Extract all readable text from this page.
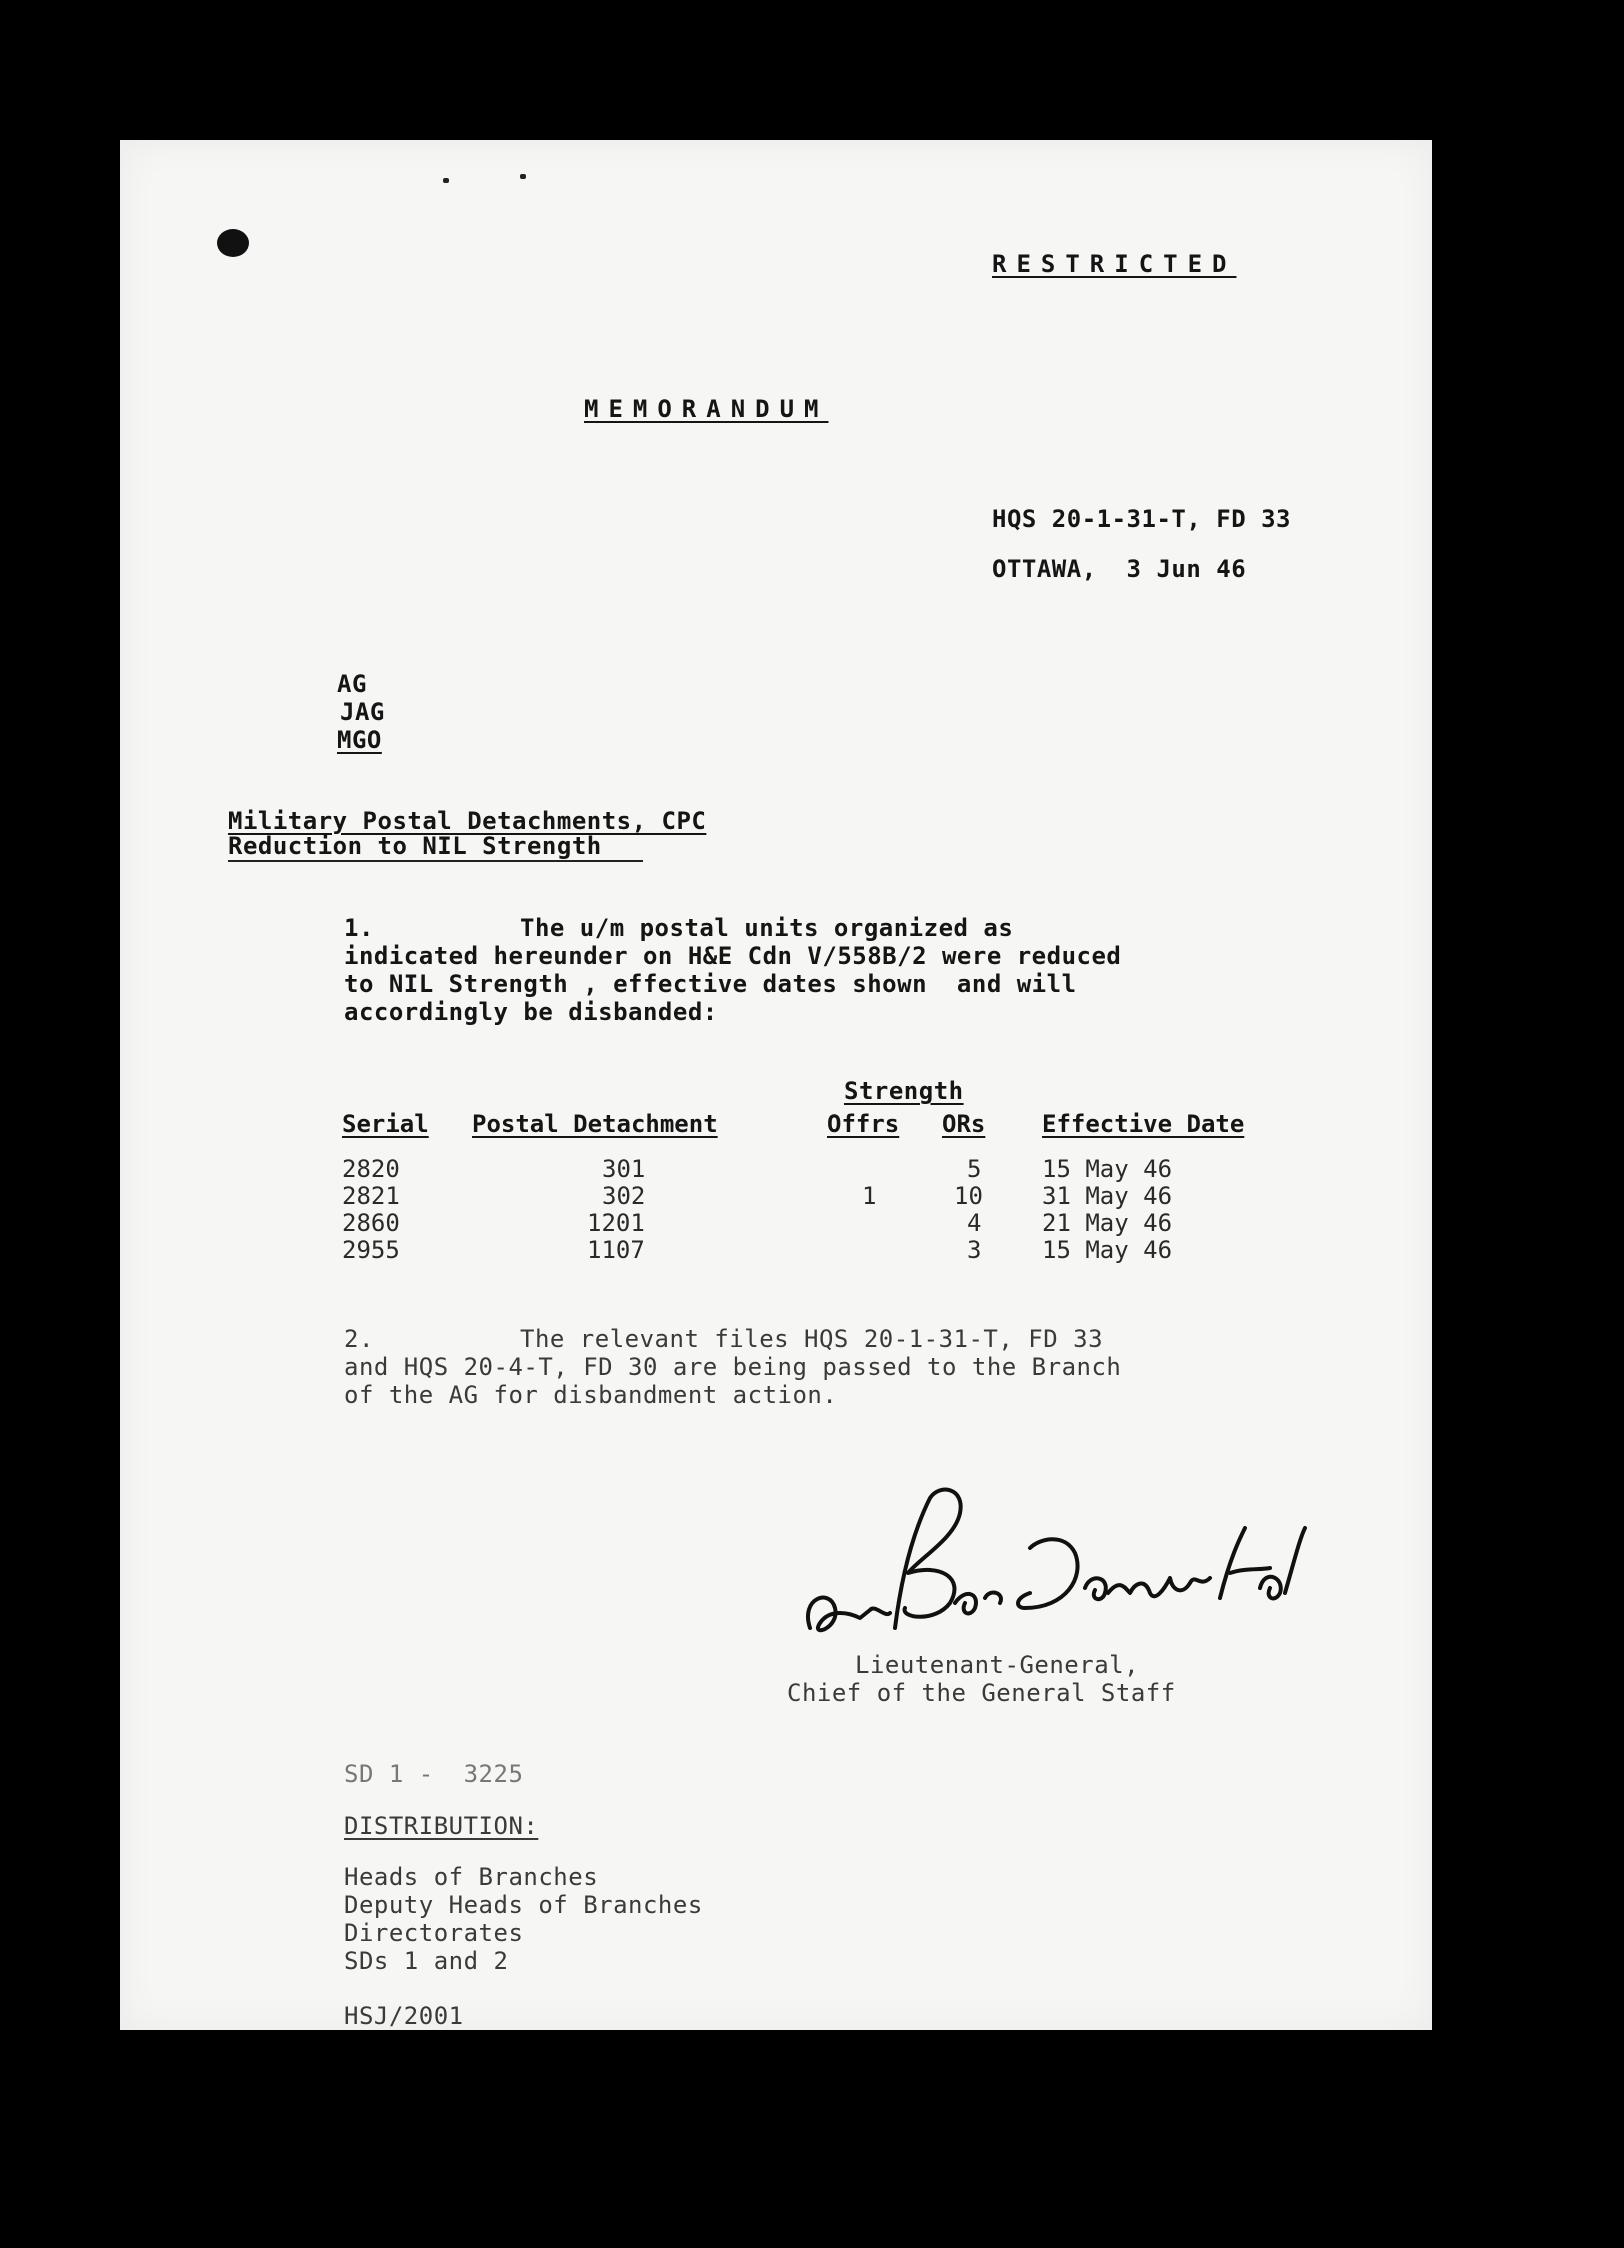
RESTRICTED
MEMORANDUM
HQS 20-1-31-T, FD 33
OTTAWA,  3 Jun 46
AG
JAG
MGO
Military Postal Detachments, CPC
Reduction to NIL Strength
1.	The u/m postal units organized as
indicated hereunder on H&E Cdn V/558B/2 were reduced
to NIL Strength , effective dates shown  and will
accordingly be disbanded:
Strength
Serial	Postal Detachment	Offrs	ORs	Effective Date

2820	301		5	15 May 46
2821	302	1	10	31 May 46
2860	1201		4	21 May 46
2955	1107		3	15 May 46
2.	The relevant files HQS 20-1-31-T, FD 33
and HQS 20-4-T, FD 30 are being passed to the Branch
of the AG for disbandment action.
Lieutenant-General,
Chief of the General Staff
SD 1 -  3225
DISTRIBUTION:
Heads of Branches
Deputy Heads of Branches
Directorates
SDs 1 and 2
HSJ/2001
